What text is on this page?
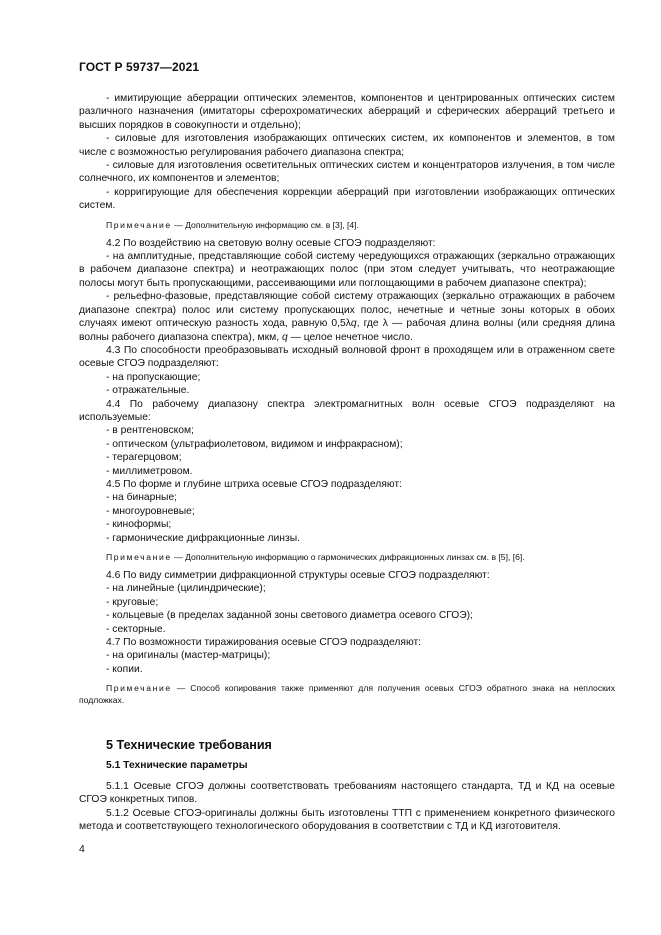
ГОСТ Р 59737—2021

- имитирующие аберрации оптических элементов, компонентов и центрированных оптических систем различного назначения (имитаторы сферохроматических аберраций и сферических аберраций третьего и высших порядков в совокупности и отдельно);

- силовые для изготовления изображающих оптических систем, их компонентов и элементов, в том числе с возможностью регулирования рабочего диапазона спектра;

- силовые для изготовления осветительных оптических систем и концентраторов излучения, в том числе солнечного, их компонентов и элементов;

- корригирующие для обеспечения коррекции аберраций при изготовлении изображающих оптических систем.

Примечание — Дополнительную информацию см. в [3], [4].

4.2 По воздействию на световую волну осевые СГОЭ подразделяют:

- на амплитудные, представляющие собой систему чередующихся отражающих (зеркально отражающих в рабочем диапазоне спектра) и неотражающих полос (при этом следует учитывать, что неотражающие полосы могут быть пропускающими, рассеивающими или поглощающими в рабочем диапазоне спектра);

- рельефно-фазовые, представляющие собой систему отражающих (зеркально отражающих в рабочем диапазоне спектра) полос или систему пропускающих полос, нечетные и четные зоны которых в обоих случаях имеют оптическую разность хода, равную 0,5λq, где λ — рабочая длина волны (или средняя длина волны рабочего диапазона спектра), мкм, q — целое нечетное число.

4.3 По способности преобразовывать исходный волновой фронт в проходящем или в отраженном свете осевые СГОЭ подразделяют:

- на пропускающие;

- отражательные.

4.4 По рабочему диапазону спектра электромагнитных волн осевые СГОЭ подразделяют на используемые:

- в рентгеновском;

- оптическом (ультрафиолетовом, видимом и инфракрасном);

- терагерцовом;

- миллиметровом.

4.5 По форме и глубине штриха осевые СГОЭ подразделяют:

- на бинарные;

- многоуровневые;

- киноформы;

- гармонические дифракционные линзы.

Примечание — Дополнительную информацию о гармонических дифракционных линзах см. в [5], [6].

4.6 По виду симметрии дифракционной структуры осевые СГОЭ подразделяют:

- на линейные (цилиндрические);

- круговые;

- кольцевые (в пределах заданной зоны светового диаметра осевого СГОЭ);

- секторные.

4.7 По возможности тиражирования осевые СГОЭ подразделяют:

- на оригиналы (мастер-матрицы);

- копии.

Примечание — Способ копирования также применяют для получения осевых СГОЭ обратного знака на неплоских подложках.

5 Технические требования
5.1 Технические параметры

5.1.1 Осевые СГОЭ должны соответствовать требованиям настоящего стандарта, ТД и КД на осевые СГОЭ конкретных типов.

5.1.2 Осевые СГОЭ-оригиналы должны быть изготовлены ТТП с применением конкретного физического метода и соответствующего технологического оборудования в соответствии с ТД и КД изготовителя.

4
